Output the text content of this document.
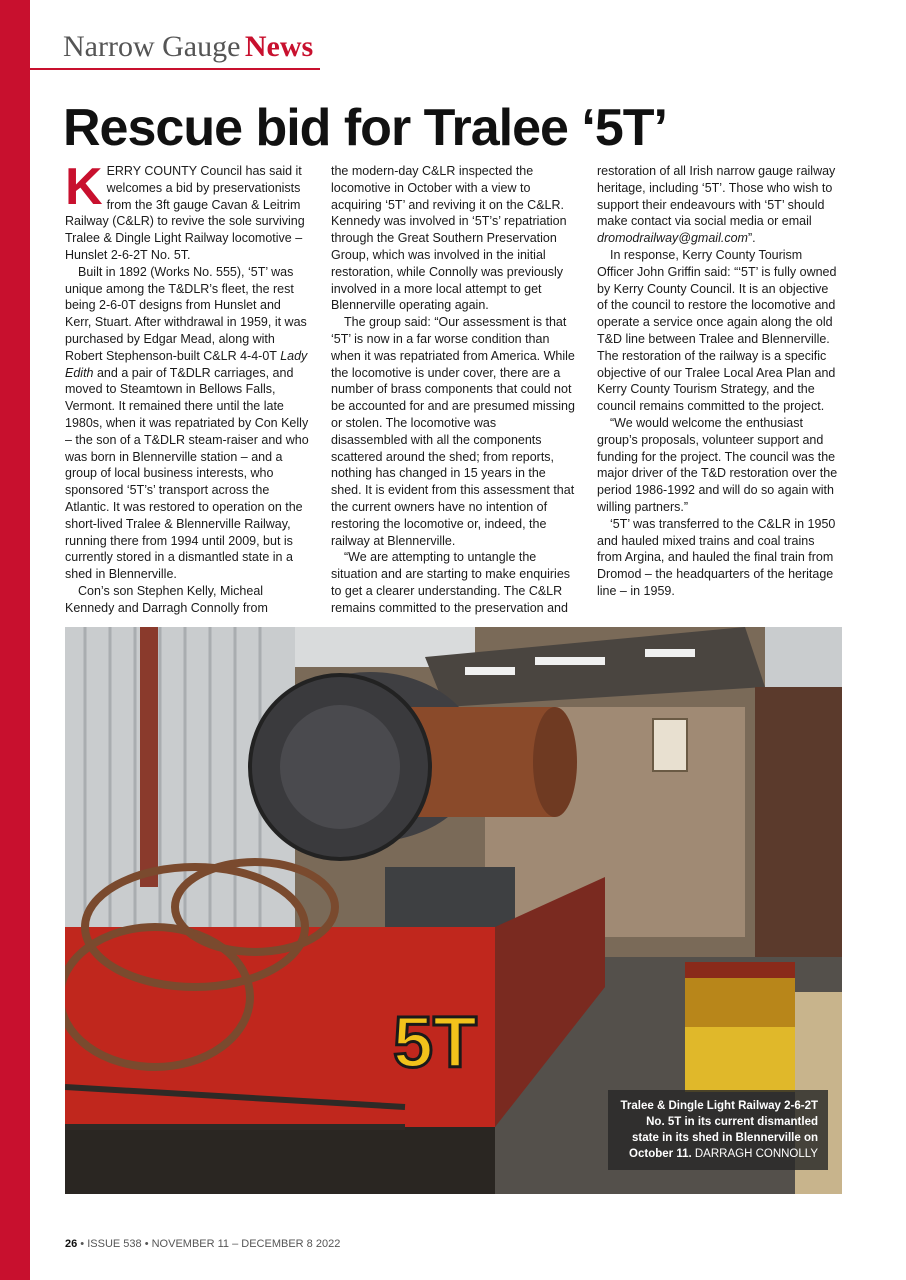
Narrow Gauge News
Rescue bid for Tralee ‘5T’

KERRY COUNTY Council has said it welcomes a bid by preservationists from the 3ft gauge Cavan & Leitrim Railway (C&LR) to revive the sole surviving Tralee & Dingle Light Railway locomotive – Hunslet 2-6-2T No. 5T.

Built in 1892 (Works No. 555), ‘5T’ was unique among the T&DLR’s fleet, the rest being 2-6-0T designs from Hunslet and Kerr, Stuart. After withdrawal in 1959, it was purchased by Edgar Mead, along with Robert Stephenson-built C&LR 4-4-0T Lady Edith and a pair of T&DLR carriages, and moved to Steamtown in Bellows Falls, Vermont. It remained there until the late 1980s, when it was repatriated by Con Kelly – the son of a T&DLR steam-raiser and who was born in Blennerville station – and a group of local business interests, who sponsored ‘5T’s’ transport across the Atlantic. It was restored to operation on the short-lived Tralee & Blennerville Railway, running there from 1994 until 2009, but is currently stored in a dismantled state in a shed in Blennerville.

Con’s son Stephen Kelly, Micheal Kennedy and Darragh Connolly from

the modern-day C&LR inspected the locomotive in October with a view to acquiring ‘5T’ and reviving it on the C&LR. Kennedy was involved in ‘5T’s’ repatriation through the Great Southern Preservation Group, which was involved in the initial restoration, while Connolly was previously involved in a more local attempt to get Blennerville operating again.

The group said: “Our assessment is that ‘5T’ is now in a far worse condition than when it was repatriated from America. While the locomotive is under cover, there are a number of brass components that could not be accounted for and are presumed missing or stolen. The locomotive was disassembled with all the components scattered around the shed; from reports, nothing has changed in 15 years in the shed. It is evident from this assessment that the current owners have no intention of restoring the locomotive or, indeed, the railway at Blennerville.

“We are attempting to untangle the situation and are starting to make enquiries to get a clearer understanding. The C&LR remains committed to the preservation and

restoration of all Irish narrow gauge railway heritage, including ‘5T’. Those who wish to support their endeavours with ‘5T’ should make contact via social media or email dromodrailway@gmail.com”.

In response, Kerry County Tourism Officer John Griffin said: “‘5T’ is fully owned by Kerry County Council. It is an objective of the council to restore the locomotive and operate a service once again along the old T&D line between Tralee and Blennerville. The restoration of the railway is a specific objective of our Tralee Local Area Plan and Kerry County Tourism Strategy, and the council remains committed to the project.

“We would welcome the enthusiast group’s proposals, volunteer support and funding for the project. The council was the major driver of the T&D restoration over the period 1986-1992 and will do so again with willing partners.”

‘5T’ was transferred to the C&LR in 1950 and hauled mixed trains and coal trains from Argina, and hauled the final train from Dromod – the headquarters of the heritage line – in 1959.

5T
Tralee & Dingle Light Railway 2-6-2T No. 5T in its current dismantled state in its shed in Blennerville on October 11. DARRAGH CONNOLLY
26 • ISSUE 538 • NOVEMBER 11 – DECEMBER 8 2022
